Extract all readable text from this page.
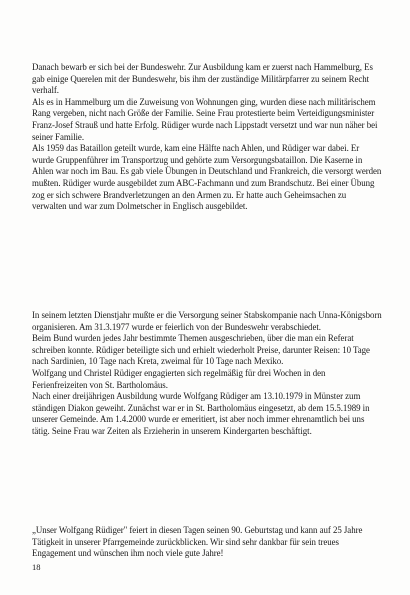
Danach bewarb er sich bei der Bundeswehr. Zur Ausbildung kam er zuerst nach Hammelburg, Es gab einige Querelen mit der Bundeswehr, bis ihm der zuständige Militärpfarrer zu seinem Recht verhalf.

Als es in Hammelburg um die Zuweisung von Wohnungen ging, wurden diese nach militärischem Rang vergeben, nicht nach Größe der Familie. Seine Frau protestierte beim Verteidigungsminister Franz-Josef Strauß und hatte Erfolg. Rüdiger wurde nach Lippstadt versetzt und war nun näher bei seiner Familie.

Als 1959 das Bataillon geteilt wurde, kam eine Hälfte nach Ahlen, und Rüdiger war dabei. Er wurde Gruppenführer im Transportzug und gehörte zum Versorgungsbataillon. Die Kaserne in Ahlen war noch im Bau. Es gab viele Übungen in Deutschland und Frankreich, die versorgt werden mußten. Rüdiger wurde ausgebildet zum ABC-Fachmann und zum Brandschutz. Bei einer Übung zog er sich schwere Brandverletzungen an den Armen zu. Er hatte auch Geheimsachen zu verwalten und war zum Dolmetscher in Englisch ausgebildet.

In seinem letzten Dienstjahr mußte er die Versorgung seiner Stabskompanie nach Unna-Königsborn organisieren. Am 31.3.1977 wurde er feierlich von der Bundeswehr verabschiedet.

Beim Bund wurden jedes Jahr bestimmte Themen ausgeschrieben, über die man ein Referat schreiben konnte. Rüdiger beteiligte sich und erhielt wiederholt Preise, darunter Reisen: 10 Tage nach Sardinien, 10 Tage nach Kreta, zweimal für 10 Tage nach Mexiko.

Wolfgang und Christel Rüdiger engagierten sich regelmäßig für drei Wochen in den Ferienfreizeiten von St. Bartholomäus.

Nach einer dreijährigen Ausbildung wurde Wolfgang Rüdiger am 13.10.1979 in Münster zum ständigen Diakon geweiht. Zunächst war er in St. Bartholomäus eingesetzt, ab dem 15.5.1989 in unserer Gemeinde. Am 1.4.2000 wurde er emeritiert, ist aber noch immer ehrenamtlich bei uns tätig. Seine Frau war Zeiten als Erzieherin in unserem Kindergarten beschäftigt.

„Unser Wolfgang Rüdiger" feiert in diesen Tagen seinen 90. Geburtstag und kann auf 25 Jahre Tätigkeit in unserer Pfarrgemeinde zurückblicken. Wir sind sehr dankbar für sein treues Engagement und wünschen ihm noch viele gute Jahre!

18
